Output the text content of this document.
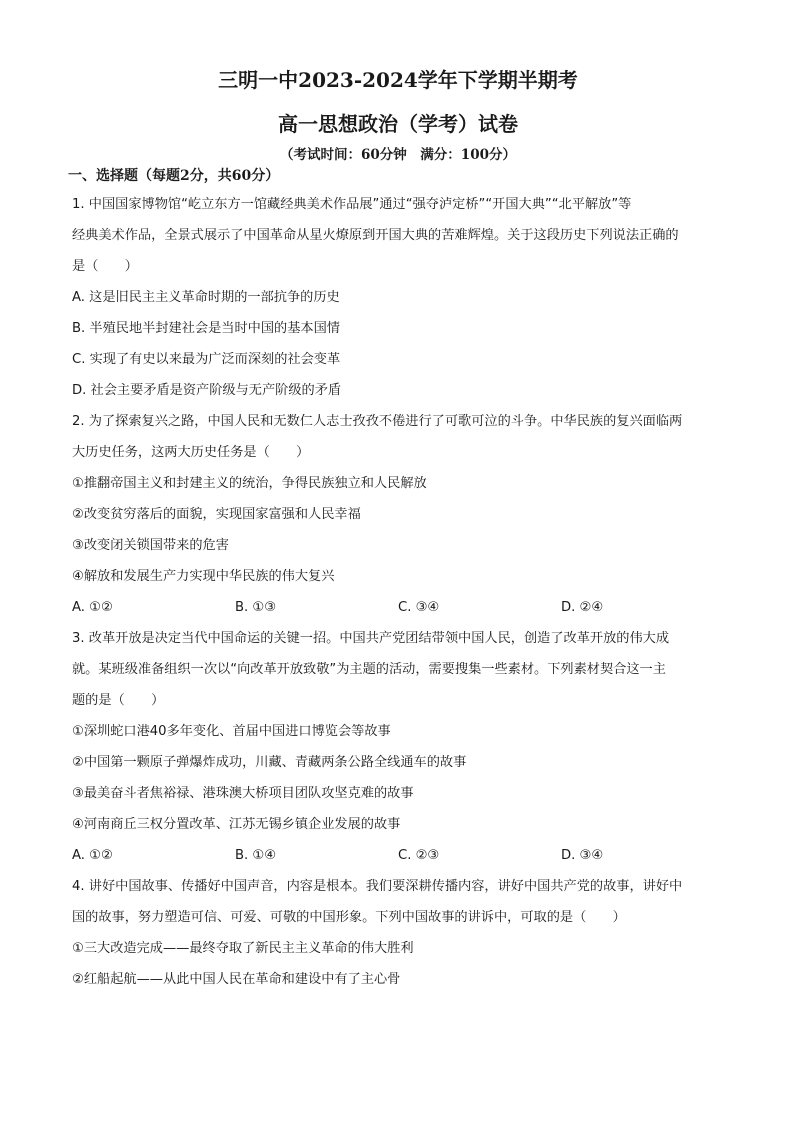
三明一中2023-2024学年下学期半期考
高一思想政治（学考）试卷
（考试时间：60分钟　满分：100分）
一、选择题（每题2分，共60分）
1. 中国国家博物馆“屹立东方一馆藏经典美术作品展”通过“强夺泸定桥”“开国大典”“北平解放”等
经典美术作品，全景式展示了中国革命从星火燎原到开国大典的苦难辉煌。关于这段历史下列说法正确的
是（　　）
A. 这是旧民主主义革命时期的一部抗争的历史
B. 半殖民地半封建社会是当时中国的基本国情
C. 实现了有史以来最为广泛而深刻的社会变革
D. 社会主要矛盾是资产阶级与无产阶级的矛盾
2. 为了探索复兴之路，中国人民和无数仁人志士孜孜不倦进行了可歌可泣的斗争。中华民族的复兴面临两
大历史任务，这两大历史任务是（　　）
①推翻帝国主义和封建主义的统治，争得民族独立和人民解放
②改变贫穷落后的面貌，实现国家富强和人民幸福
③改变闭关锁国带来的危害
④解放和发展生产力实现中华民族的伟大复兴
A. ①②	B. ①③	C. ③④	D. ②④
3. 改革开放是决定当代中国命运的关键一招。中国共产党团结带领中国人民，创造了改革开放的伟大成
就。某班级准备组织一次以“向改革开放致敬”为主题的活动，需要搜集一些素材。下列素材契合这一主
题的是（　　）
①深圳蛇口港40多年变化、首届中国进口博览会等故事
②中国第一颗原子弹爆炸成功，川藏、青藏两条公路全线通车的故事
③最美奋斗者焦裕禄、港珠澳大桥项目团队攻坚克难的故事
④河南商丘三权分置改革、江苏无锡乡镇企业发展的故事
A. ①②	B. ①④	C. ②③	D. ③④
4. 讲好中国故事、传播好中国声音，内容是根本。我们要深耕传播内容，讲好中国共产党的故事，讲好中
国的故事，努力塑造可信、可爱、可敬的中国形象。下列中国故事的讲诉中，可取的是（　　）
①三大改造完成——最终夺取了新民主主义革命的伟大胜利
②红船起航——从此中国人民在革命和建设中有了主心骨
